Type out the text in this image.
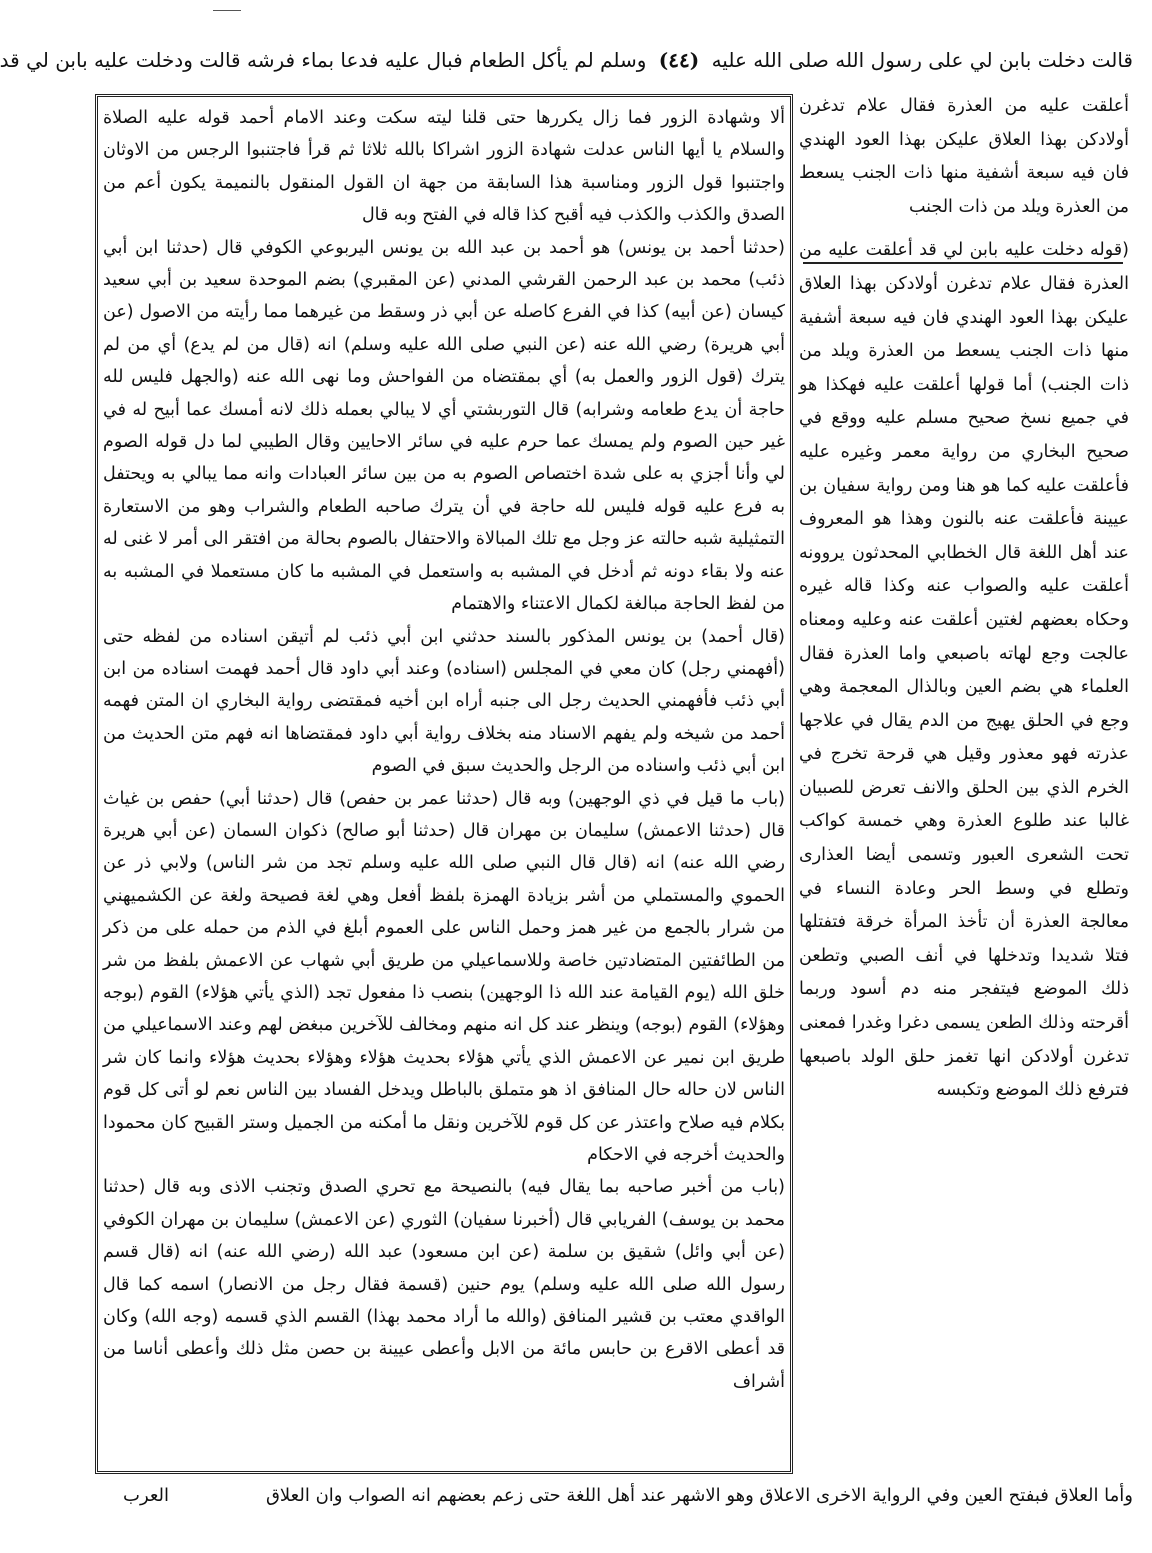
قالت دخلت بابن لي على رسول الله صلى الله عليه (٤٤) وسلم لم يأكل الطعام فبال عليه فدعا بماء فرشه قالت ودخلت عليه بابن لي قد

ألا وشهادة الزور فما زال يكررها حتى قلنا ليته سكت وعند الامام أحمد قوله عليه الصلاة والسلام يا أيها الناس عدلت شهادة الزور اشراكا بالله ثلاثا ثم قرأ فاجتنبوا الرجس من الاوثان واجتنبوا قول الزور ومناسبة هذا السابقة من جهة ان القول المنقول بالنميمة يكون أعم من الصدق والكذب والكذب فيه أقبح كذا قاله في الفتح وبه قال

(حدثنا أحمد بن يونس) هو أحمد بن عبد الله بن يونس اليربوعي الكوفي قال (حدثنا ابن أبي ذئب) محمد بن عبد الرحمن القرشي المدني (عن المقبري) بضم الموحدة سعيد بن أبي سعيد كيسان (عن أبيه) كذا في الفرع كاصله عن أبي ذر وسقط من غيرهما مما رأيته من الاصول (عن أبي هريرة) رضي الله عنه (عن النبي صلى الله عليه وسلم) انه (قال من لم يدع) أي من لم يترك (قول الزور والعمل به) أي بمقتضاه من الفواحش وما نهى الله عنه (والجهل فليس لله حاجة أن يدع طعامه وشرابه) قال التوربشتي أي لا يبالي بعمله ذلك لانه أمسك عما أبيح له في غير حين الصوم ولم يمسك عما حرم عليه في سائر الاحايين وقال الطيبي لما دل قوله الصوم لي وأنا أجزي به على شدة اختصاص الصوم به من بين سائر العبادات وانه مما يبالي به ويحتفل به فرع عليه قوله فليس لله حاجة في أن يترك صاحبه الطعام والشراب وهو من الاستعارة التمثيلية شبه حالته عز وجل مع تلك المبالاة والاحتفال بالصوم بحالة من افتقر الى أمر لا غنى له عنه ولا بقاء دونه ثم أدخل في المشبه به واستعمل في المشبه ما كان مستعملا في المشبه به من لفظ الحاجة مبالغة لكمال الاعتناء والاهتمام

(قال أحمد) بن يونس المذكور بالسند حدثني ابن أبي ذئب لم أتيقن اسناده من لفظه حتى (أفهمني رجل) كان معي في المجلس (اسناده) وعند أبي داود قال أحمد فهمت اسناده من ابن أبي ذئب فأفهمني الحديث رجل الى جنبه أراه ابن أخيه فمقتضى رواية البخاري ان المتن فهمه أحمد من شيخه ولم يفهم الاسناد منه بخلاف رواية أبي داود فمقتضاها انه فهم متن الحديث من ابن أبي ذئب واسناده من الرجل والحديث سبق في الصوم

(باب ما قيل في ذي الوجهين) وبه قال (حدثنا عمر بن حفص) قال (حدثنا أبي) حفص بن غياث قال (حدثنا الاعمش) سليمان بن مهران قال (حدثنا أبو صالح) ذكوان السمان (عن أبي هريرة رضي الله عنه) انه (قال قال النبي صلى الله عليه وسلم تجد من شر الناس) ولابي ذر عن الحموي والمستملي من أشر بزيادة الهمزة بلفظ أفعل وهي لغة فصيحة ولغة عن الكشميهني من شرار بالجمع من غير همز وحمل الناس على العموم أبلغ في الذم من حمله على من ذكر من الطائفتين المتضادتين خاصة وللاسماعيلي من طريق أبي شهاب عن الاعمش بلفظ من شر خلق الله (يوم القيامة عند الله ذا الوجهين) بنصب ذا مفعول تجد (الذي يأتي هؤلاء) القوم (بوجه وهؤلاء) القوم (بوجه) وينظر عند كل انه منهم ومخالف للآخرين مبغض لهم وعند الاسماعيلي من طريق ابن نمير عن الاعمش الذي يأتي هؤلاء بحديث هؤلاء وهؤلاء بحديث هؤلاء وانما كان شر الناس لان حاله حال المنافق اذ هو متملق بالباطل ويدخل الفساد بين الناس نعم لو أتى كل قوم بكلام فيه صلاح واعتذر عن كل قوم للآخرين ونقل ما أمكنه من الجميل وستر القبيح كان محمودا والحديث أخرجه في الاحكام

(باب من أخبر صاحبه بما يقال فيه) بالنصيحة مع تحري الصدق وتجنب الاذى وبه قال (حدثنا محمد بن يوسف) الفريابي قال (أخبرنا سفيان) الثوري (عن الاعمش) سليمان بن مهران الكوفي (عن أبي وائل) شقيق بن سلمة (عن ابن مسعود) عبد الله (رضي الله عنه) انه (قال قسم رسول الله صلى الله عليه وسلم) يوم حنين (قسمة فقال رجل من الانصار) اسمه كما قال الواقدي معتب بن قشير المنافق (والله ما أراد محمد بهذا) القسم الذي قسمه (وجه الله) وكان قد أعطى الاقرع بن حابس مائة من الابل وأعطى عيينة بن حصن مثل ذلك وأعطى أناسا من أشراف

أعلقت عليه من العذرة فقال علام تدغرن أولادكن بهذا العلاق عليكن بهذا العود الهندي فان فيه سبعة أشفية منها ذات الجنب يسعط من العذرة ويلد من ذات الجنب

(قوله دخلت عليه بابن لي قد أعلقت عليه من العذرة فقال علام تدغرن أولادكن بهذا العلاق عليكن بهذا العود الهندي فان فيه سبعة أشفية منها ذات الجنب يسعط من العذرة ويلد من ذات الجنب) أما قولها أعلقت عليه فهكذا هو في جميع نسخ صحيح مسلم عليه ووقع في صحيح البخاري من رواية معمر وغيره عليه فأعلقت عليه كما هو هنا ومن رواية سفيان بن عيينة فأعلقت عنه بالنون وهذا هو المعروف عند أهل اللغة قال الخطابي المحدثون يروونه أعلقت عليه والصواب عنه وكذا قاله غيره وحكاه بعضهم لغتين أعلقت عنه وعليه ومعناه عالجت وجع لهاته باصبعي واما العذرة فقال العلماء هي بضم العين وبالذال المعجمة وهي وجع في الحلق يهيج من الدم يقال في علاجها عذرته فهو معذور وقيل هي قرحة تخرج في الخرم الذي بين الحلق والانف تعرض للصبيان غالبا عند طلوع العذرة وهي خمسة كواكب تحت الشعرى العبور وتسمى أيضا العذارى وتطلع في وسط الحر وعادة النساء في معالجة العذرة أن تأخذ المرأة خرقة فتفتلها فتلا شديدا وتدخلها في أنف الصبي وتطعن ذلك الموضع فيتفجر منه دم أسود وربما أقرحته وذلك الطعن يسمى دغرا وغدرا فمعنى تدغرن أولادكن انها تغمز حلق الولد باصبعها فترفع ذلك الموضع وتكبسه

وأما العلاق فبفتح العين وفي الرواية الاخرى الاعلاق وهو الاشهر عند أهل اللغة حتى زعم بعضهم انه الصواب وان العلاق
العرب
